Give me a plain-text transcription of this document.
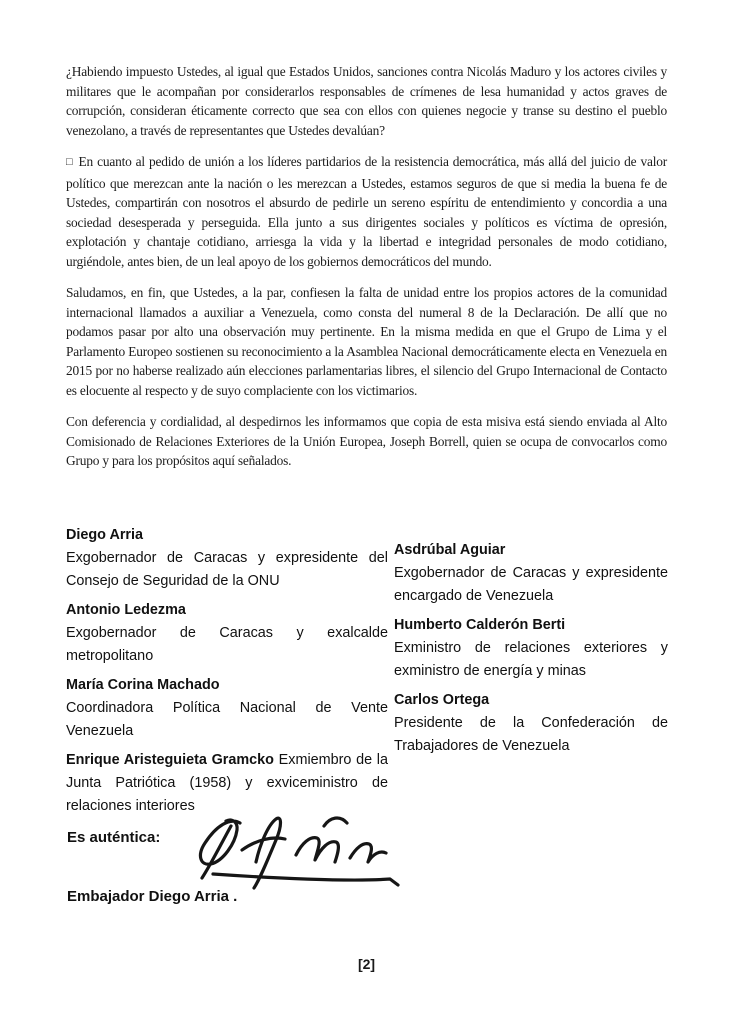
¿Habiendo impuesto Ustedes, al igual que Estados Unidos, sanciones contra Nicolás Maduro y los actores civiles y militares que le acompañan por considerarlos responsables de crímenes de lesa humanidad y actos graves de corrupción, consideran éticamente correcto que sea con ellos con quienes negocie y transe su destino el pueblo venezolano, a través de representantes que Ustedes devalúan?

□ En cuanto al pedido de unión a los líderes partidarios de la resistencia democrática, más allá del juicio de valor político que merezcan ante la nación o les merezcan a Ustedes, estamos seguros de que si media la buena fe de Ustedes, compartirán con nosotros el absurdo de pedirle un sereno espíritu de entendimiento y concordia a una sociedad desesperada y perseguida. Ella junto a sus dirigentes sociales y políticos es víctima de opresión, explotación y chantaje cotidiano, arriesga la vida y la libertad e integridad personales de modo cotidiano, urgiéndole, antes bien, de un leal apoyo de los gobiernos democráticos del mundo.

Saludamos, en fin, que Ustedes, a la par, confiesen la falta de unidad entre los propios actores de la comunidad internacional llamados a auxiliar a Venezuela, como consta del numeral 8 de la Declaración. De allí que no podamos pasar por alto una observación muy pertinente. En la misma medida en que el Grupo de Lima y el Parlamento Europeo sostienen su reconocimiento a la Asamblea Nacional democráticamente electa en Venezuela en 2015 por no haberse realizado aún elecciones parlamentarias libres, el silencio del Grupo Internacional de Contacto es elocuente al respecto y de suyo complaciente con los victimarios.

Con deferencia y cordialidad, al despedirnos les informamos que copia de esta misiva está siendo enviada al Alto Comisionado de Relaciones Exteriores de la Unión Europea, Joseph Borrell, quien se ocupa de convocarlos como Grupo y para los propósitos aquí señalados.

Diego Arria
Exgobernador de Caracas y expresidente del Consejo de Seguridad de la ONU
Antonio Ledezma
Exgobernador de Caracas y exalcalde metropolitano
María Corina Machado
Coordinadora Política Nacional de Vente Venezuela
Enrique Aristeguieta Gramcko Exmiembro de la Junta Patriótica (1958) y exviceministro de relaciones interiores
Asdrúbal Aguiar
Exgobernador de Caracas y expresidente encargado de Venezuela
Humberto Calderón Berti
Exministro de relaciones exteriores y exministro de energía y minas
Carlos Ortega
Presidente de la Confederación de Trabajadores de Venezuela
Es auténtica:
Embajador Diego Arria .
[2]
